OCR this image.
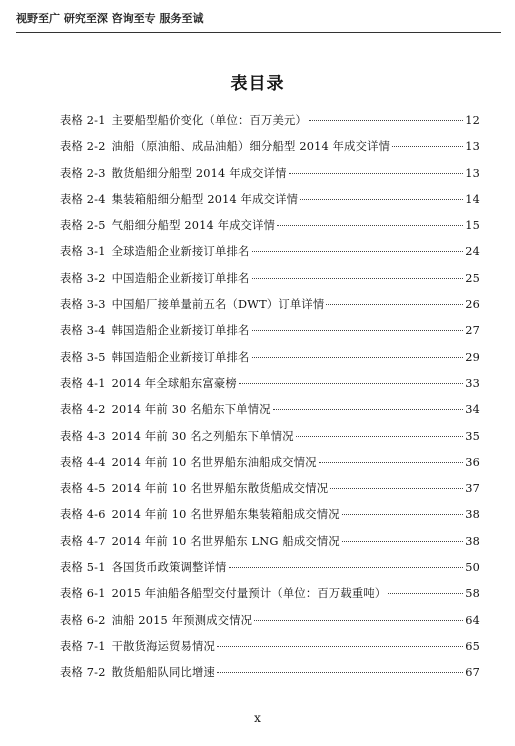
视野至广 研究至深 咨询至专 服务至诚
表目录
表格 2-1 主要船型船价变化（单位：百万美元）	12
表格 2-2 油船（原油船、成品油船）细分船型 2014 年成交详情	13
表格 2-3 散货船细分船型 2014 年成交详情	13
表格 2-4 集装箱船细分船型 2014 年成交详情	14
表格 2-5 气船细分船型 2014 年成交详情	15
表格 3-1 全球造船企业新接订单排名	24
表格 3-2 中国造船企业新接订单排名	25
表格 3-3 中国船厂接单量前五名（DWT）订单详情	26
表格 3-4 韩国造船企业新接订单排名	27
表格 3-5 韩国造船企业新接订单排名	29
表格 4-1 2014 年全球船东富豪榜	33
表格 4-2 2014 年前 30 名船东下单情况	34
表格 4-3 2014 年前 30 名之列船东下单情况	35
表格 4-4 2014 年前 10 名世界船东油船成交情况	36
表格 4-5 2014 年前 10 名世界船东散货船成交情况	37
表格 4-6 2014 年前 10 名世界船东集装箱船成交情况	38
表格 4-7 2014 年前 10 名世界船东 LNG 船成交情况	38
表格 5-1 各国货币政策调整详情	50
表格 6-1 2015 年油船各船型交付量预计（单位：百万载重吨）	58
表格 6-2 油船 2015 年预测成交情况	64
表格 7-1 干散货海运贸易情况	65
表格 7-2 散货船船队同比增速	67
x
